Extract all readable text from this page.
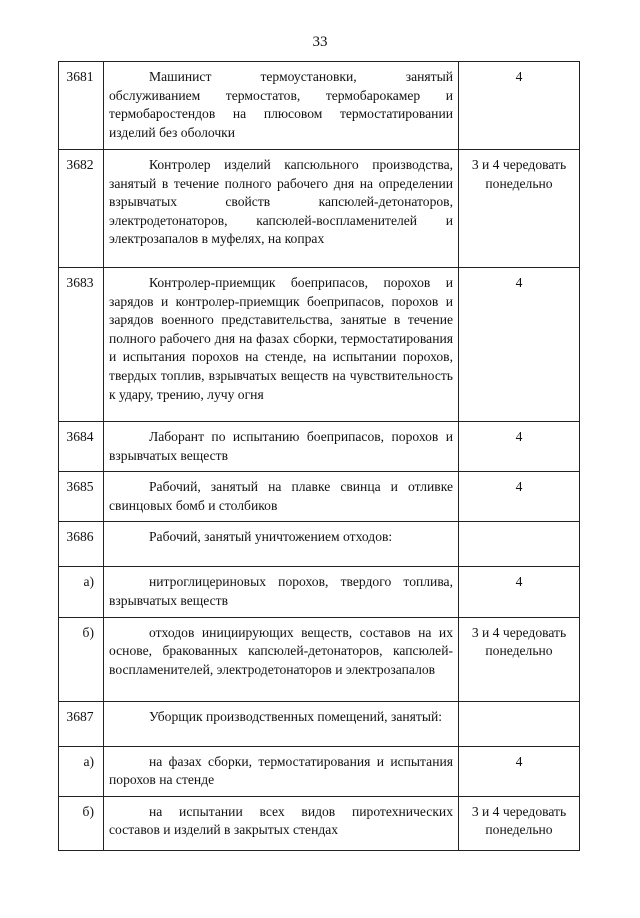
33
3681	Машинист термоустановки, занятый обслуживанием термостатов, термобарокамер и термобаростендов на плюсовом термостатировании изделий без оболочки	4
3682	Контролер изделий капсюльного производства, занятый в течение полного рабочего дня на определении взрывчатых свойств капсюлей-детонаторов, электродетонаторов, капсюлей-воспламенителей и электрозапалов в муфелях, на копрах	3 и 4 чередовать понедельно
3683	Контролер-приемщик боеприпасов, порохов и зарядов и контролер-приемщик боеприпасов, порохов и зарядов военного представительства, занятые в течение полного рабочего дня на фазах сборки, термостатирования и испытания порохов на стенде, на испытании порохов, твердых топлив, взрывчатых веществ на чувствительность к удару, трению, лучу огня	4
3684	Лаборант по испытанию боеприпасов, порохов и взрывчатых веществ	4
3685	Рабочий, занятый на плавке свинца и отливке свинцовых бомб и столбиков	4
3686	Рабочий, занятый уничтожением отходов:	

а)	нитроглицериновых порохов, твердого топлива, взрывчатых веществ	4
б)	отходов инициирующих веществ, составов на их основе, бракованных капсюлей-детонаторов, капсюлей-воспламенителей, электродетонаторов и электрозапалов	3 и 4 чередовать понедельно
3687	Уборщик производственных помещений, занятый:	

а)	на фазах сборки, термостатирования и испытания порохов на стенде	4
б)	на испытании всех видов пиротехнических составов и изделий в закрытых стендах	3 и 4 чередовать понедельно
